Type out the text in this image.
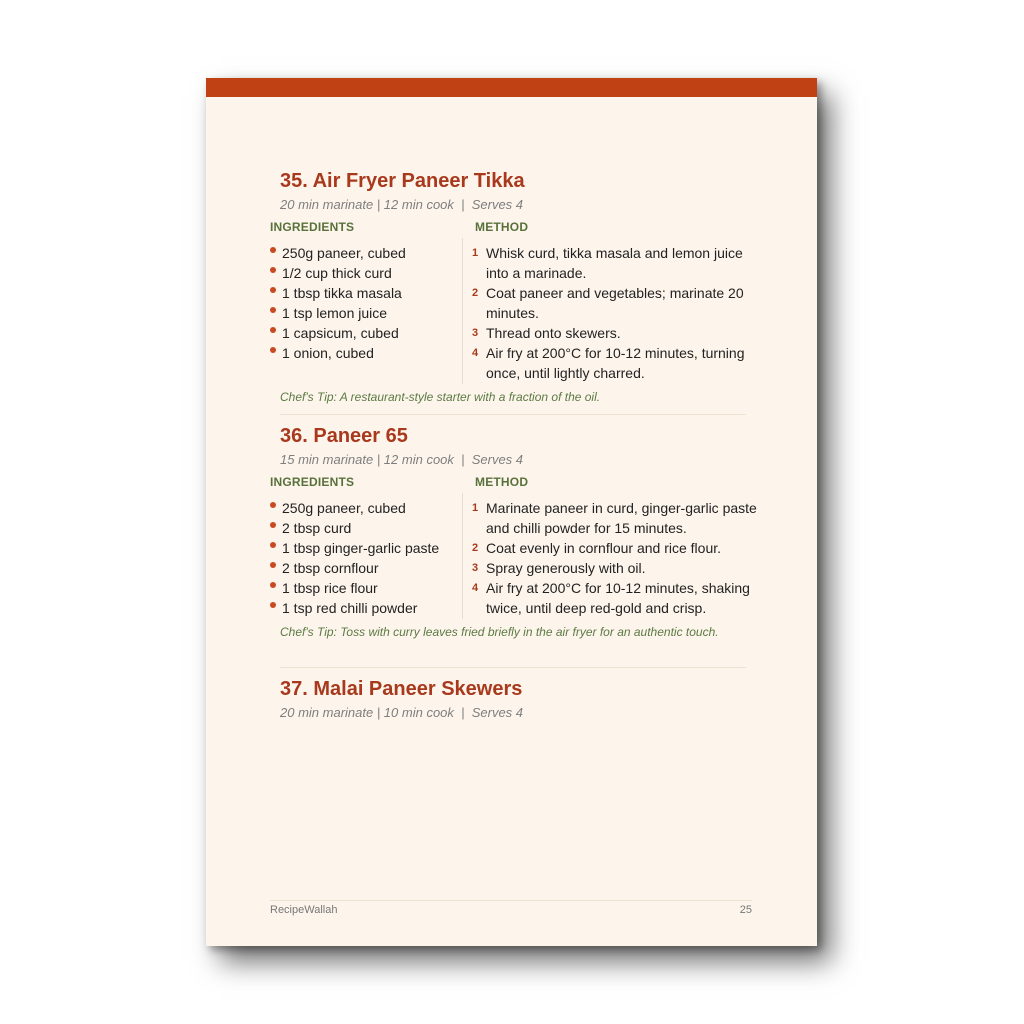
35. Air Fryer Paneer Tikka
20 min marinate | 12 min cook  |  Serves 4
INGREDIENTS	METHOD
250g paneer, cubed
1/2 cup thick curd
1 tbsp tikka masala
1 tsp lemon juice
1 capsicum, cubed
1 onion, cubed
1 Whisk curd, tikka masala and lemon juice into a marinade.
2 Coat paneer and vegetables; marinate 20 minutes.
3 Thread onto skewers.
4 Air fry at 200°C for 10-12 minutes, turning once, until lightly charred.
Chef's Tip: A restaurant-style starter with a fraction of the oil.
36. Paneer 65
15 min marinate | 12 min cook  |  Serves 4
INGREDIENTS	METHOD
250g paneer, cubed
2 tbsp curd
1 tbsp ginger-garlic paste
2 tbsp cornflour
1 tbsp rice flour
1 tsp red chilli powder
1 Marinate paneer in curd, ginger-garlic paste and chilli powder for 15 minutes.
2 Coat evenly in cornflour and rice flour.
3 Spray generously with oil.
4 Air fry at 200°C for 10-12 minutes, shaking twice, until deep red-gold and crisp.
Chef's Tip: Toss with curry leaves fried briefly in the air fryer for an authentic touch.
37. Malai Paneer Skewers
20 min marinate | 10 min cook  |  Serves 4
RecipeWallah	25
